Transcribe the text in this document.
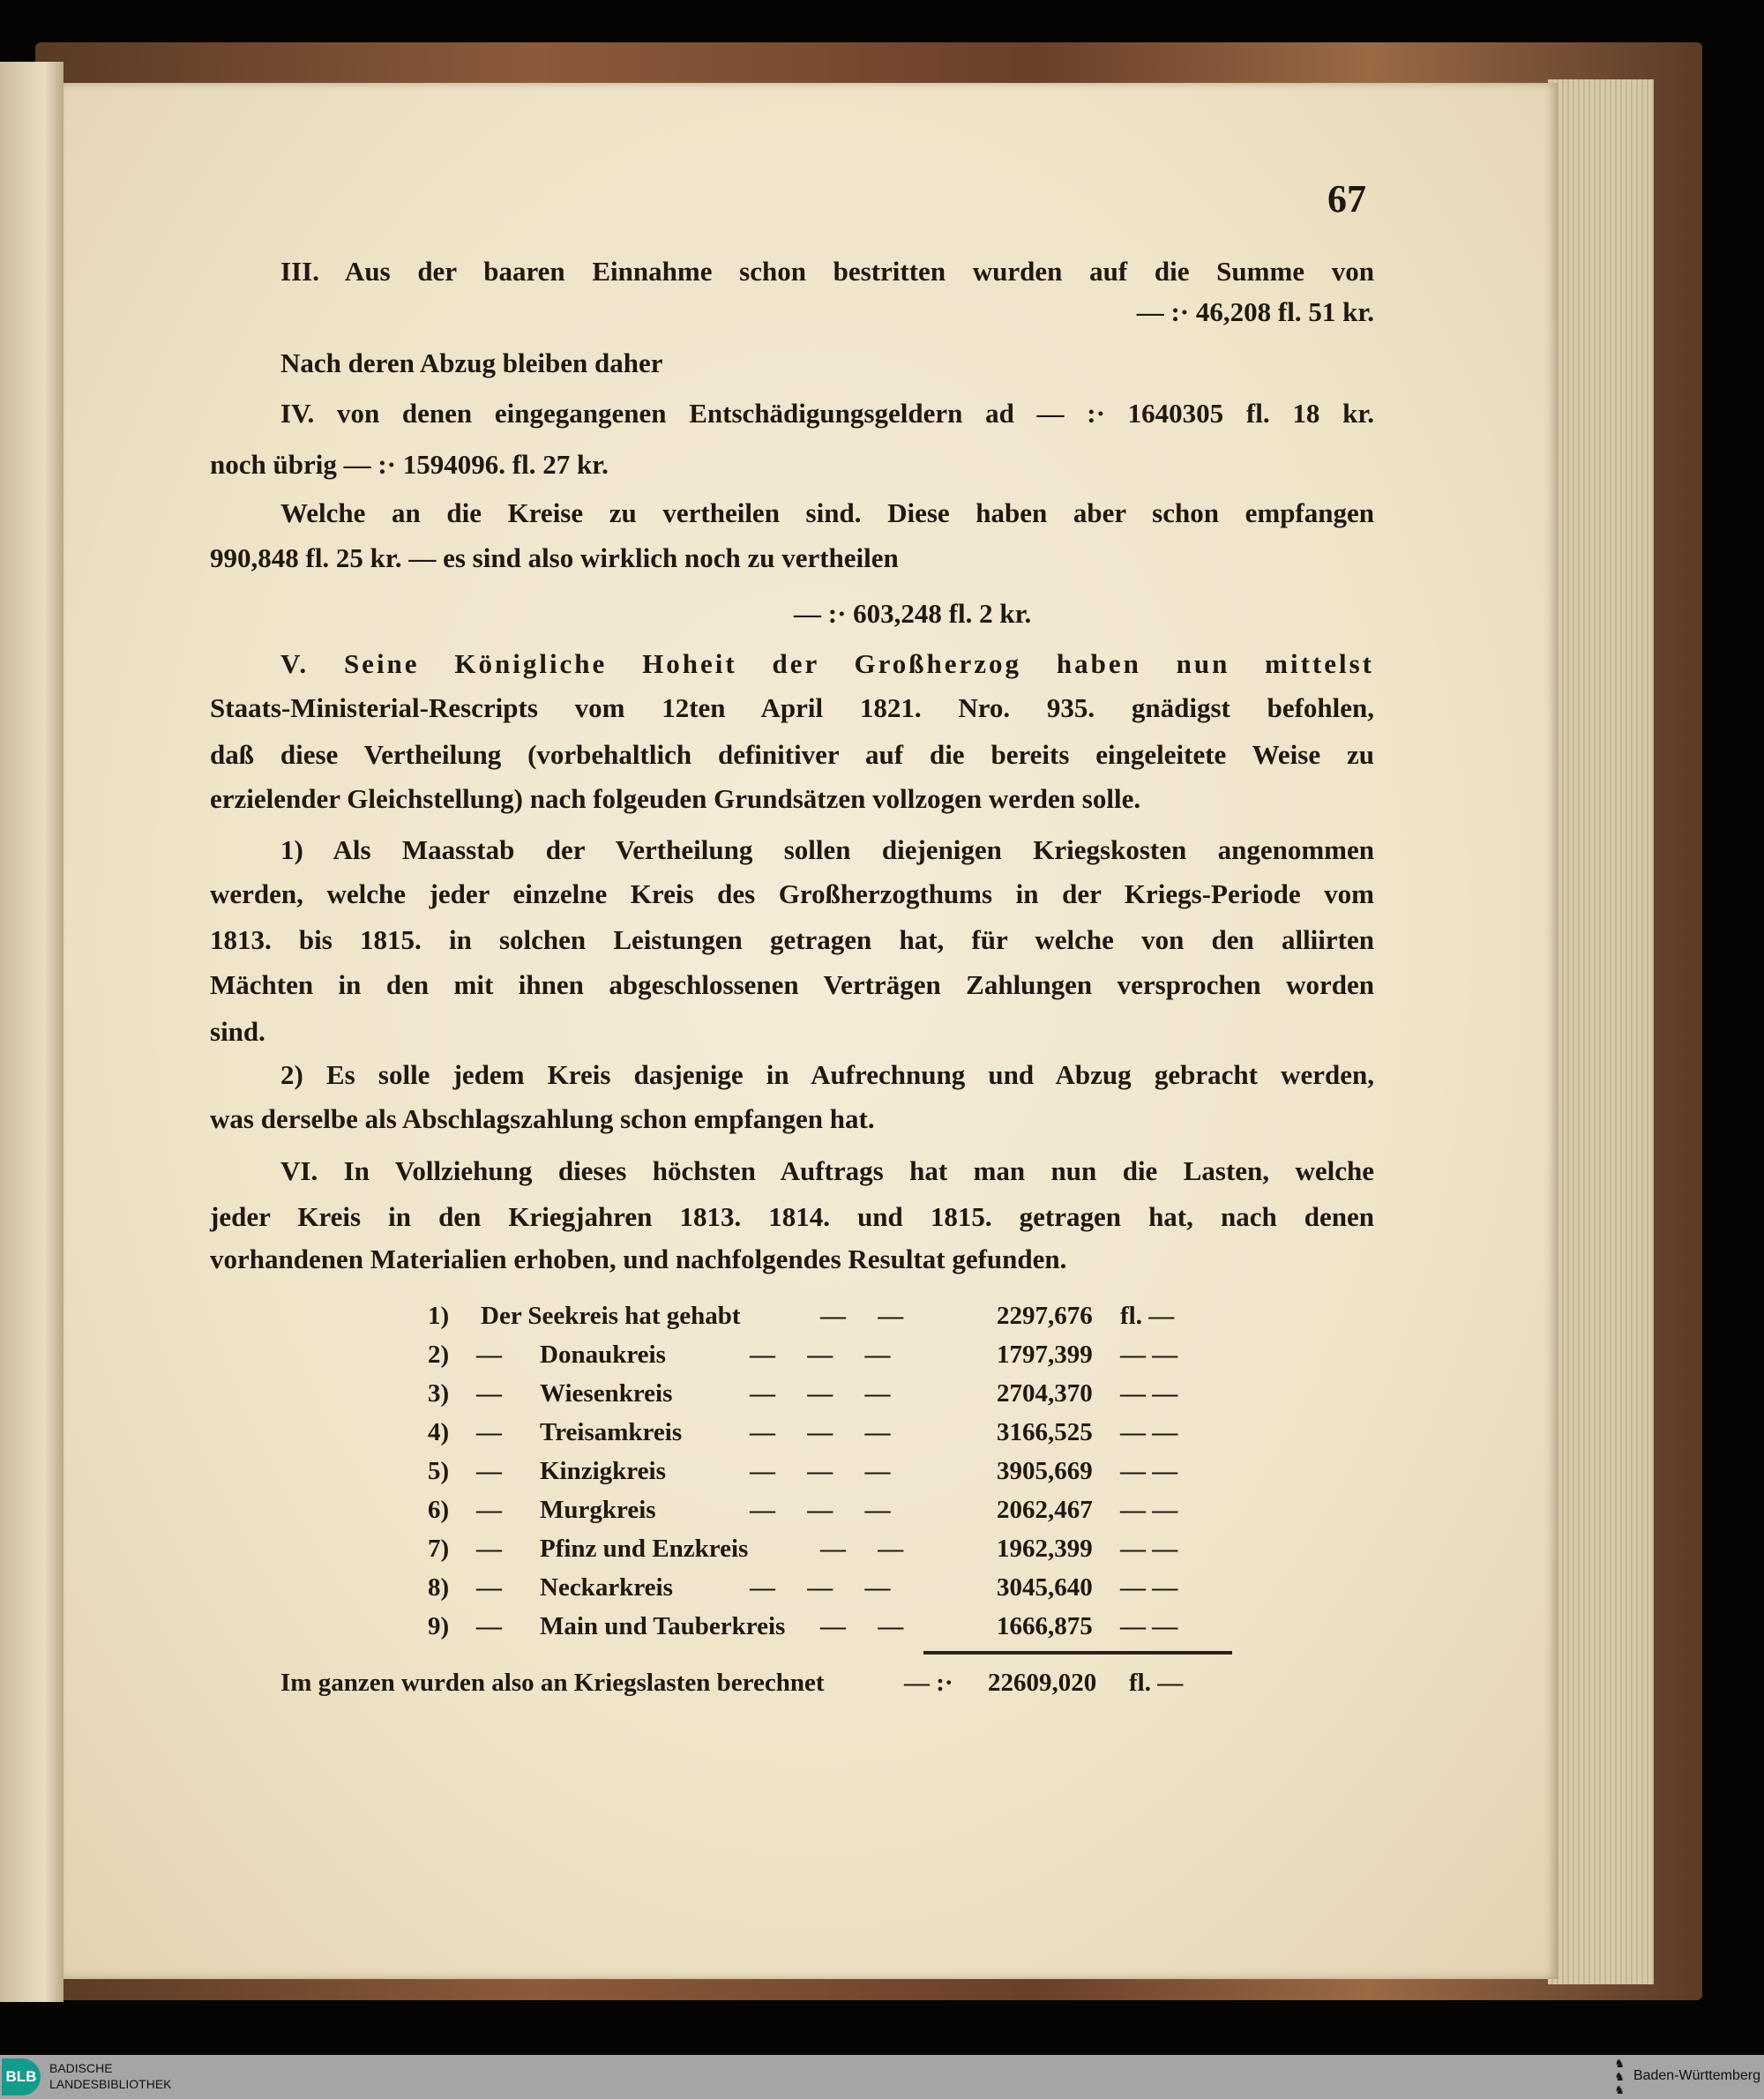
67
III. Aus der baaren Einnahme schon bestritten wurden auf die Summe von
— :· 46,208 fl. 51 kr.
Nach deren Abzug bleiben daher
IV. von denen eingegangenen Entschädigungsgeldern ad — :· 1640305 fl. 18 kr.
noch übrig — :· 1594096. fl. 27 kr.
Welche an die Kreise zu vertheilen sind. Diese haben aber schon empfangen
990,848 fl. 25 kr. — es sind also wirklich noch zu vertheilen
— :· 603,248 fl. 2 kr.
V. Seine Königliche Hoheit der Großherzog haben nun mittelst
Staats-Ministerial-Rescripts vom 12ten April 1821. Nro. 935. gnädigst befohlen,
daß diese Vertheilung (vorbehaltlich definitiver auf die bereits eingeleitete Weise zu
erzielender Gleichstellung) nach folgeuden Grundsätzen vollzogen werden solle.
1) Als Maasstab der Vertheilung sollen diejenigen Kriegskosten angenommen
werden, welche jeder einzelne Kreis des Großherzogthums in der Kriegs-Periode vom
1813. bis 1815. in solchen Leistungen getragen hat, für welche von den alliirten
Mächten in den mit ihnen abgeschlossenen Verträgen Zahlungen versprochen worden
sind.
2) Es solle jedem Kreis dasjenige in Aufrechnung und Abzug gebracht werden,
was derselbe als Abschlagszahlung schon empfangen hat.
VI. In Vollziehung dieses höchsten Auftrags hat man nun die Lasten, welche
jeder Kreis in den Kriegjahren 1813. 1814. und 1815. getragen hat, nach denen
vorhandenen Materialien erhoben, und nachfolgendes Resultat gefunden.
1) Der Seekreis hat gehabt	—     —	2297,676 fl. —
2) — Donaukreis	—     —     —	1797,399 — —
3) — Wiesenkreis	—     —     —	2704,370 — —
4) — Treisamkreis	—     —     —	3166,525 — —
5) — Kinzigkreis	—     —     —	3905,669 — —
6) — Murgkreis	—     —     —	2062,467 — —
7) — Pfinz und Enzkreis	—     —	1962,399 — —
8) — Neckarkreis	—     —     —	3045,640 — —
9) — Main und Tauberkreis —     —	1666,875 — —
Im ganzen wurden also an Kriegslasten berechnet	— :· 22609,020 fl. —
BLB	BADISCHE
LANDESBIBLIOTHEK
♞
♞
♞
Baden-Württemberg
